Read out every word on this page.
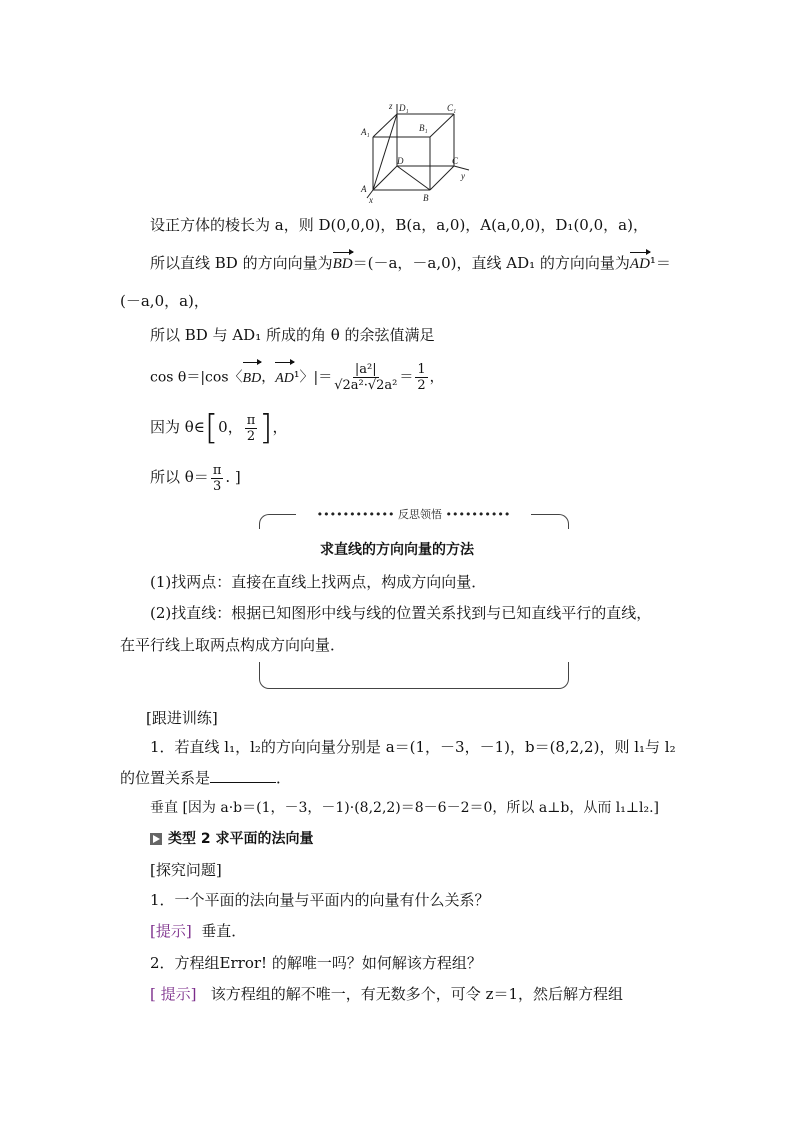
z D₁	C₁
A₁	B₁
D	C
y
A
x	B
设正方体的棱长为 a，则 D(0,0,0)，B(a，a,0)，A(a,0,0)，D₁(0,0，a)，
所以直线 BD 的方向向量为BD＝(－a，－a,0)，直线 AD₁ 的方向向量为AD¹＝
(－a,0，a)，
所以 BD 与 AD₁ 所成的角 θ 的余弦值满足
cos θ＝|cos〈BD，AD¹〉|＝ $\frac{\text{|a²|}}{\text{√2a²·√2a²}} = \frac{1}{2}$ ，
因为 θ∈[0， $\frac{\pi}{2}$ ]，
所以 $\theta= \frac{\pi}{3}$ . ]
•••••••••••• 反思领悟 ••••••••••
求直线的方向向量的方法
(1)找两点：直接在直线上找两点，构成方向向量．
(2)找直线：根据已知图形中线与线的位置关系找到与已知直线平行的直线，
在平行线上取两点构成方向向量．
[跟进训练]
1．若直线 l₁，l₂的方向向量分别是 a＝(1，－3，－1)，b＝(8,2,2)，则 l₁与 l₂
的位置关系是	．
垂直 [因为 a·b＝(1，－3，－1)·(8,2,2)＝8－6－2＝0，所以 a⊥b，从而 l₁⊥l₂.]
类型 2 求平面的法向量
[探究问题]
1．一个平面的法向量与平面内的向量有什么关系？
[提示] 垂直．
2．方程组Error! 的解唯一吗？如何解该方程组？
[ 提示] 该方程组的解不唯一，有无数多个，可令 z＝1，然后解方程组
